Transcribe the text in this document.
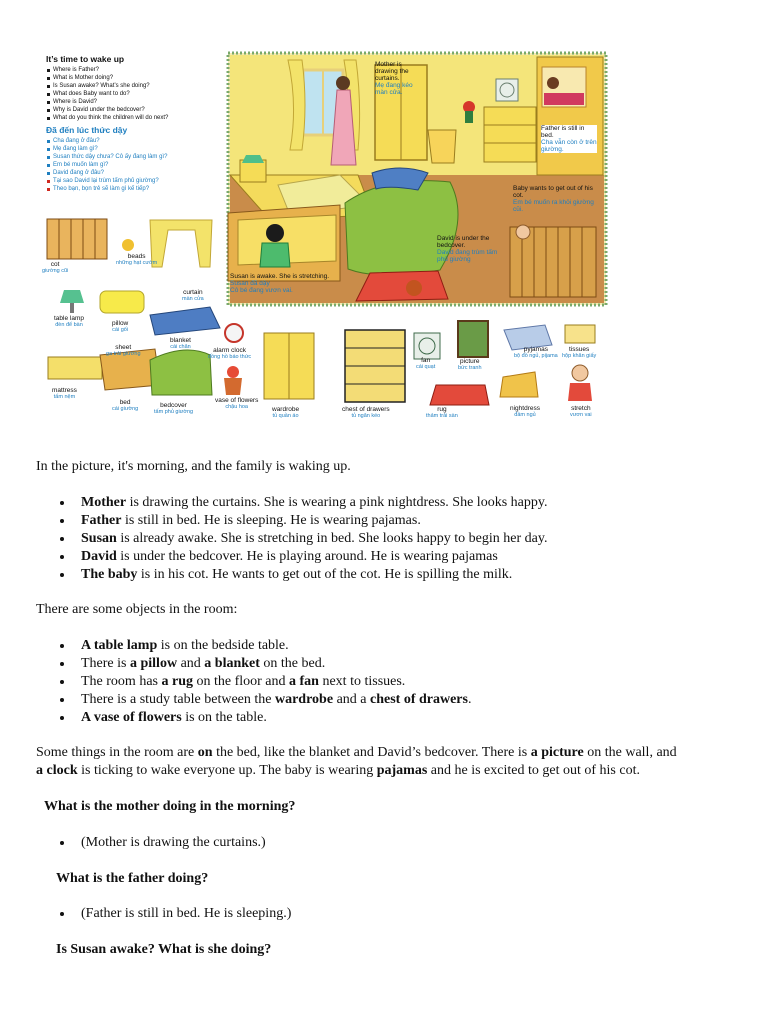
It’s time to wake up
Where is Father?
What is Mother doing?
Is Susan awake? What’s she doing?
What does Baby want to do?
Where is David?
Why is David under the bedcover?
What do you think the children will do next?
Đã đến lúc thức dậy
Cha đang ở đâu?
Mẹ đang làm gì?
Susan thức dậy chưa? Cô ấy đang làm gì?
Em bé muốn làm gì?
David đang ở đâu?
Tại sao David lại trùm tấm phủ giường?
Theo bạn, bọn trẻ sẽ làm gì kế tiếp?
Mother is drawing the curtains.
Mẹ đang kéo màn cửa.
Father is still in bed.
Cha vẫn còn ở trên giường.
Baby wants to get out of his cot.
Em bé muốn ra khỏi giường cũi.
David is under the bedcover.
David đang trùm tấm phủ giường
Susan is awake. She is stretching.
Susan đã dậy
Cô bé đang vươn vai.
cot
giường cũi
beads
những hạt cườm
curtain
màn cửa
table lamp
đèn để bàn	pillow
cái gối
blanket
cái chăn
sheet
ga trải giường
mattress
tấm nệm
bed
cái giường	bedcover
tấm phủ giường
alarm clock
đồng hồ báo thức
vase of flowers
chậu hoa	wardrobe
tủ quần áo
chest of drawers
tủ ngăn kéo
fan
cái quạt
picture
bức tranh
rug
thảm trải sàn
pyjamas
bộ đồ ngủ, pijama
tissues
hộp khăn giấy
nightdress
đầm ngủ
stretch
vươn vai
In the picture, it's morning, and the family is waking up.
Mother is drawing the curtains. She is wearing a pink nightdress. She looks happy.
Father is still in bed. He is sleeping. He is wearing pajamas.
Susan is already awake. She is stretching in bed. She looks happy to begin her day.
David is under the bedcover. He is playing around. He is wearing pajamas
The baby is in his cot. He wants to get out of the cot. He is spilling the milk.
There are some objects in the room:
A table lamp is on the bedside table.
There is a pillow and a blanket on the bed.
The room has a rug on the floor and a fan next to tissues.
There is a study table between the wardrobe and a chest of drawers.
A vase of flowers is on the table.
Some things in the room are on the bed, like the blanket and David’s bedcover. There is a picture on the wall, and
a clock is ticking to wake everyone up. The baby is wearing pajamas and he is excited to get out of his cot.
What is the mother doing in the morning?
(Mother is drawing the curtains.)
What is the father doing?
(Father is still in bed. He is sleeping.)
Is Susan awake? What is she doing?
